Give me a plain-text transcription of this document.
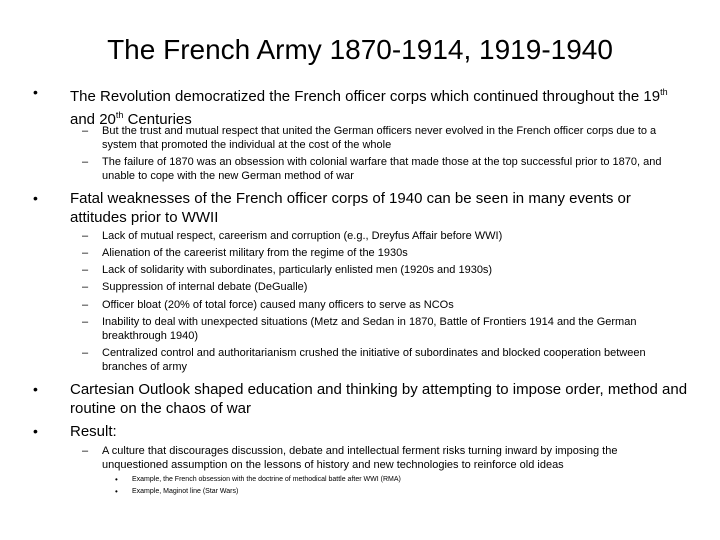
The French Army 1870-1914, 1919-1940
• The Revolution democratized the French officer corps which continued throughout the 19th and 20th Centuries
– But the trust and mutual respect that united the German officers never evolved in the French officer corps due to a system that promoted the individual at the cost of the whole
– The failure of 1870 was an obsession with colonial warfare that made those at the top successful prior to 1870, and unable to cope with the new German method of war
• Fatal weaknesses of the French officer corps of 1940 can be seen in many events or attitudes prior to WWII
– Lack of mutual respect, careerism and corruption (e.g., Dreyfus Affair before WWI)
– Alienation of the careerist military from the regime of the 1930s
– Lack of solidarity with subordinates, particularly enlisted men (1920s and 1930s)
– Suppression of internal debate (DeGualle)
– Officer bloat (20% of total force) caused many officers to serve as NCOs
– Inability to deal with unexpected situations (Metz and Sedan in 1870, Battle of Frontiers 1914 and the German breakthrough 1940)
– Centralized control and authoritarianism crushed the initiative of subordinates and blocked cooperation between branches of army
• Cartesian Outlook shaped education and thinking by attempting to impose order, method and routine on the chaos of war
• Result:
– A culture that discourages discussion, debate and intellectual ferment risks turning inward by imposing the unquestioned assumption on the lessons of history and new technologies to reinforce old ideas
• Example, the French obsession with the doctrine of methodical battle after WWI (RMA)
• Example, Maginot line (Star Wars)
